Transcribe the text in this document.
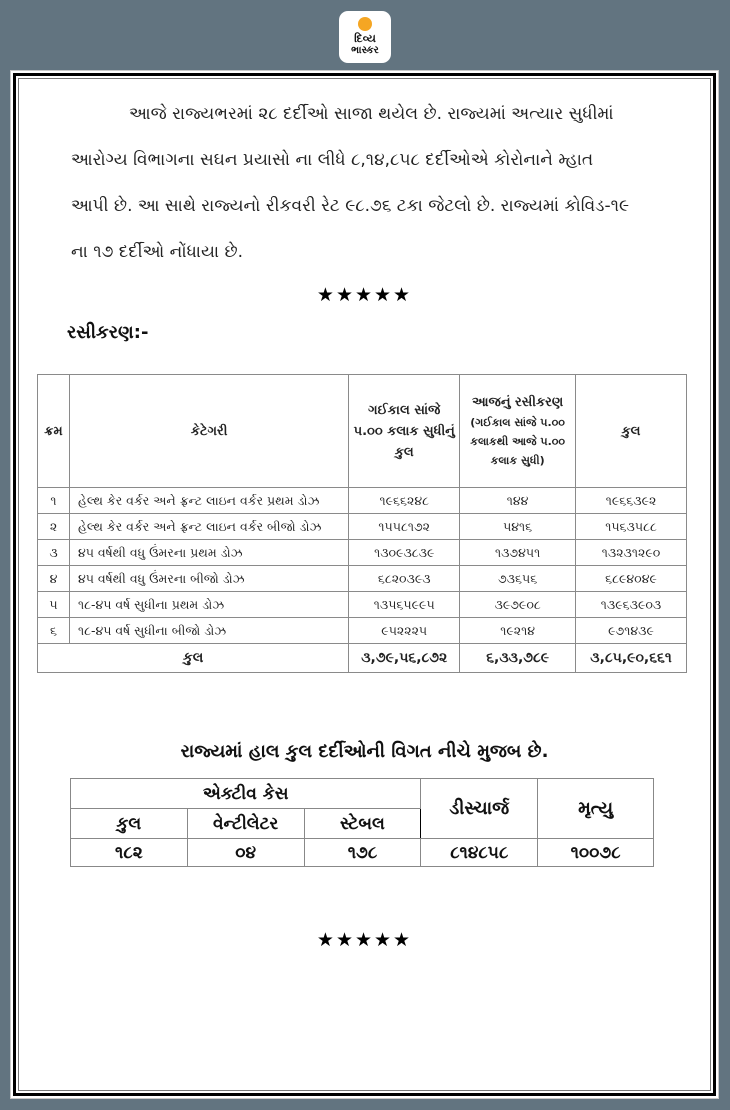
દિવ્ય
ભાસ્કર
આજે રાજ્યભરમાં ૨૮ દર્દીઓ સાજા થયેલ છે. રાજ્યમાં અત્યાર સુધીમાં
આરોગ્ય વિભાગના સઘન પ્રયાસો ના લીધે ૮,૧૪,૮૫૮ દર્દીઓએ કોરોનાને મ્હાત
આપી છે. આ સાથે રાજ્યનો રીકવરી રેટ ૯૮.૭૬ ટકા જેટલો છે. રાજ્યમાં કોવિડ-૧૯
ના ૧૭ દર્દીઓ નોંધાયા છે.
★★★★★
રસીકરણ:-
ક્રમ	કેટેગરી	ગઈકાલ સાંજે ૫.૦૦ કલાક સુધીનું કુલ	આજનું રસીકરણ
(ગઈકાલ સાંજે ૫.૦૦ કલાકથી આજે ૫.૦૦ કલાક સુધી)	કુલ
૧	હેલ્થ કેર વર્કર અને ફ્રન્ટ લાઇન વર્કર પ્રથમ ડોઝ	૧૯૬૬૨૪૮	૧૪૪	૧૯૬૬૩૯૨
૨	હેલ્થ કેર વર્કર અને ફ્રન્ટ લાઇન વર્કર બીજો ડોઝ	૧૫૫૮૧૭૨	૫૪૧૬	૧૫૬૩૫૮૮
૩	૪૫ વર્ષથી વધુ ઉંમરના પ્રથમ ડોઝ	૧૩૦૯૩૮૩૯	૧૩૭૪૫૧	૧૩૨૩૧૨૯૦
૪	૪૫ વર્ષથી વધુ ઉંમરના બીજો ડોઝ	૬૮૨૦૩૯૩	૭૩૬૫૬	૬૮૯૪૦૪૯
૫	૧૮-૪૫ વર્ષ સુધીના પ્રથમ ડોઝ	૧૩૫૬૫૯૯૫	૩૯૭૯૦૮	૧૩૯૬૩૯૦૩
૬	૧૮-૪૫ વર્ષ સુધીના બીજો ડોઝ	૯૫૨૨૨૫	૧૯૨૧૪	૯૭૧૪૩૯
કુલ		૩,૭૯,૫૬,૮૭૨	૬,૩૩,૭૮૯	૩,૮૫,૯૦,૬૬૧
રાજ્યમાં હાલ કુલ દર્દીઓની વિગત નીચે મુજબ છે.
એક્ટીવ કેસ			ડીસ્ચાર્જ	મૃત્યુ
કુલ	વેન્ટીલેટર	સ્ટેબલ		
૧૮૨	૦૪	૧૭૮	૮૧૪૮૫૮	૧૦૦૭૮
★★★★★
